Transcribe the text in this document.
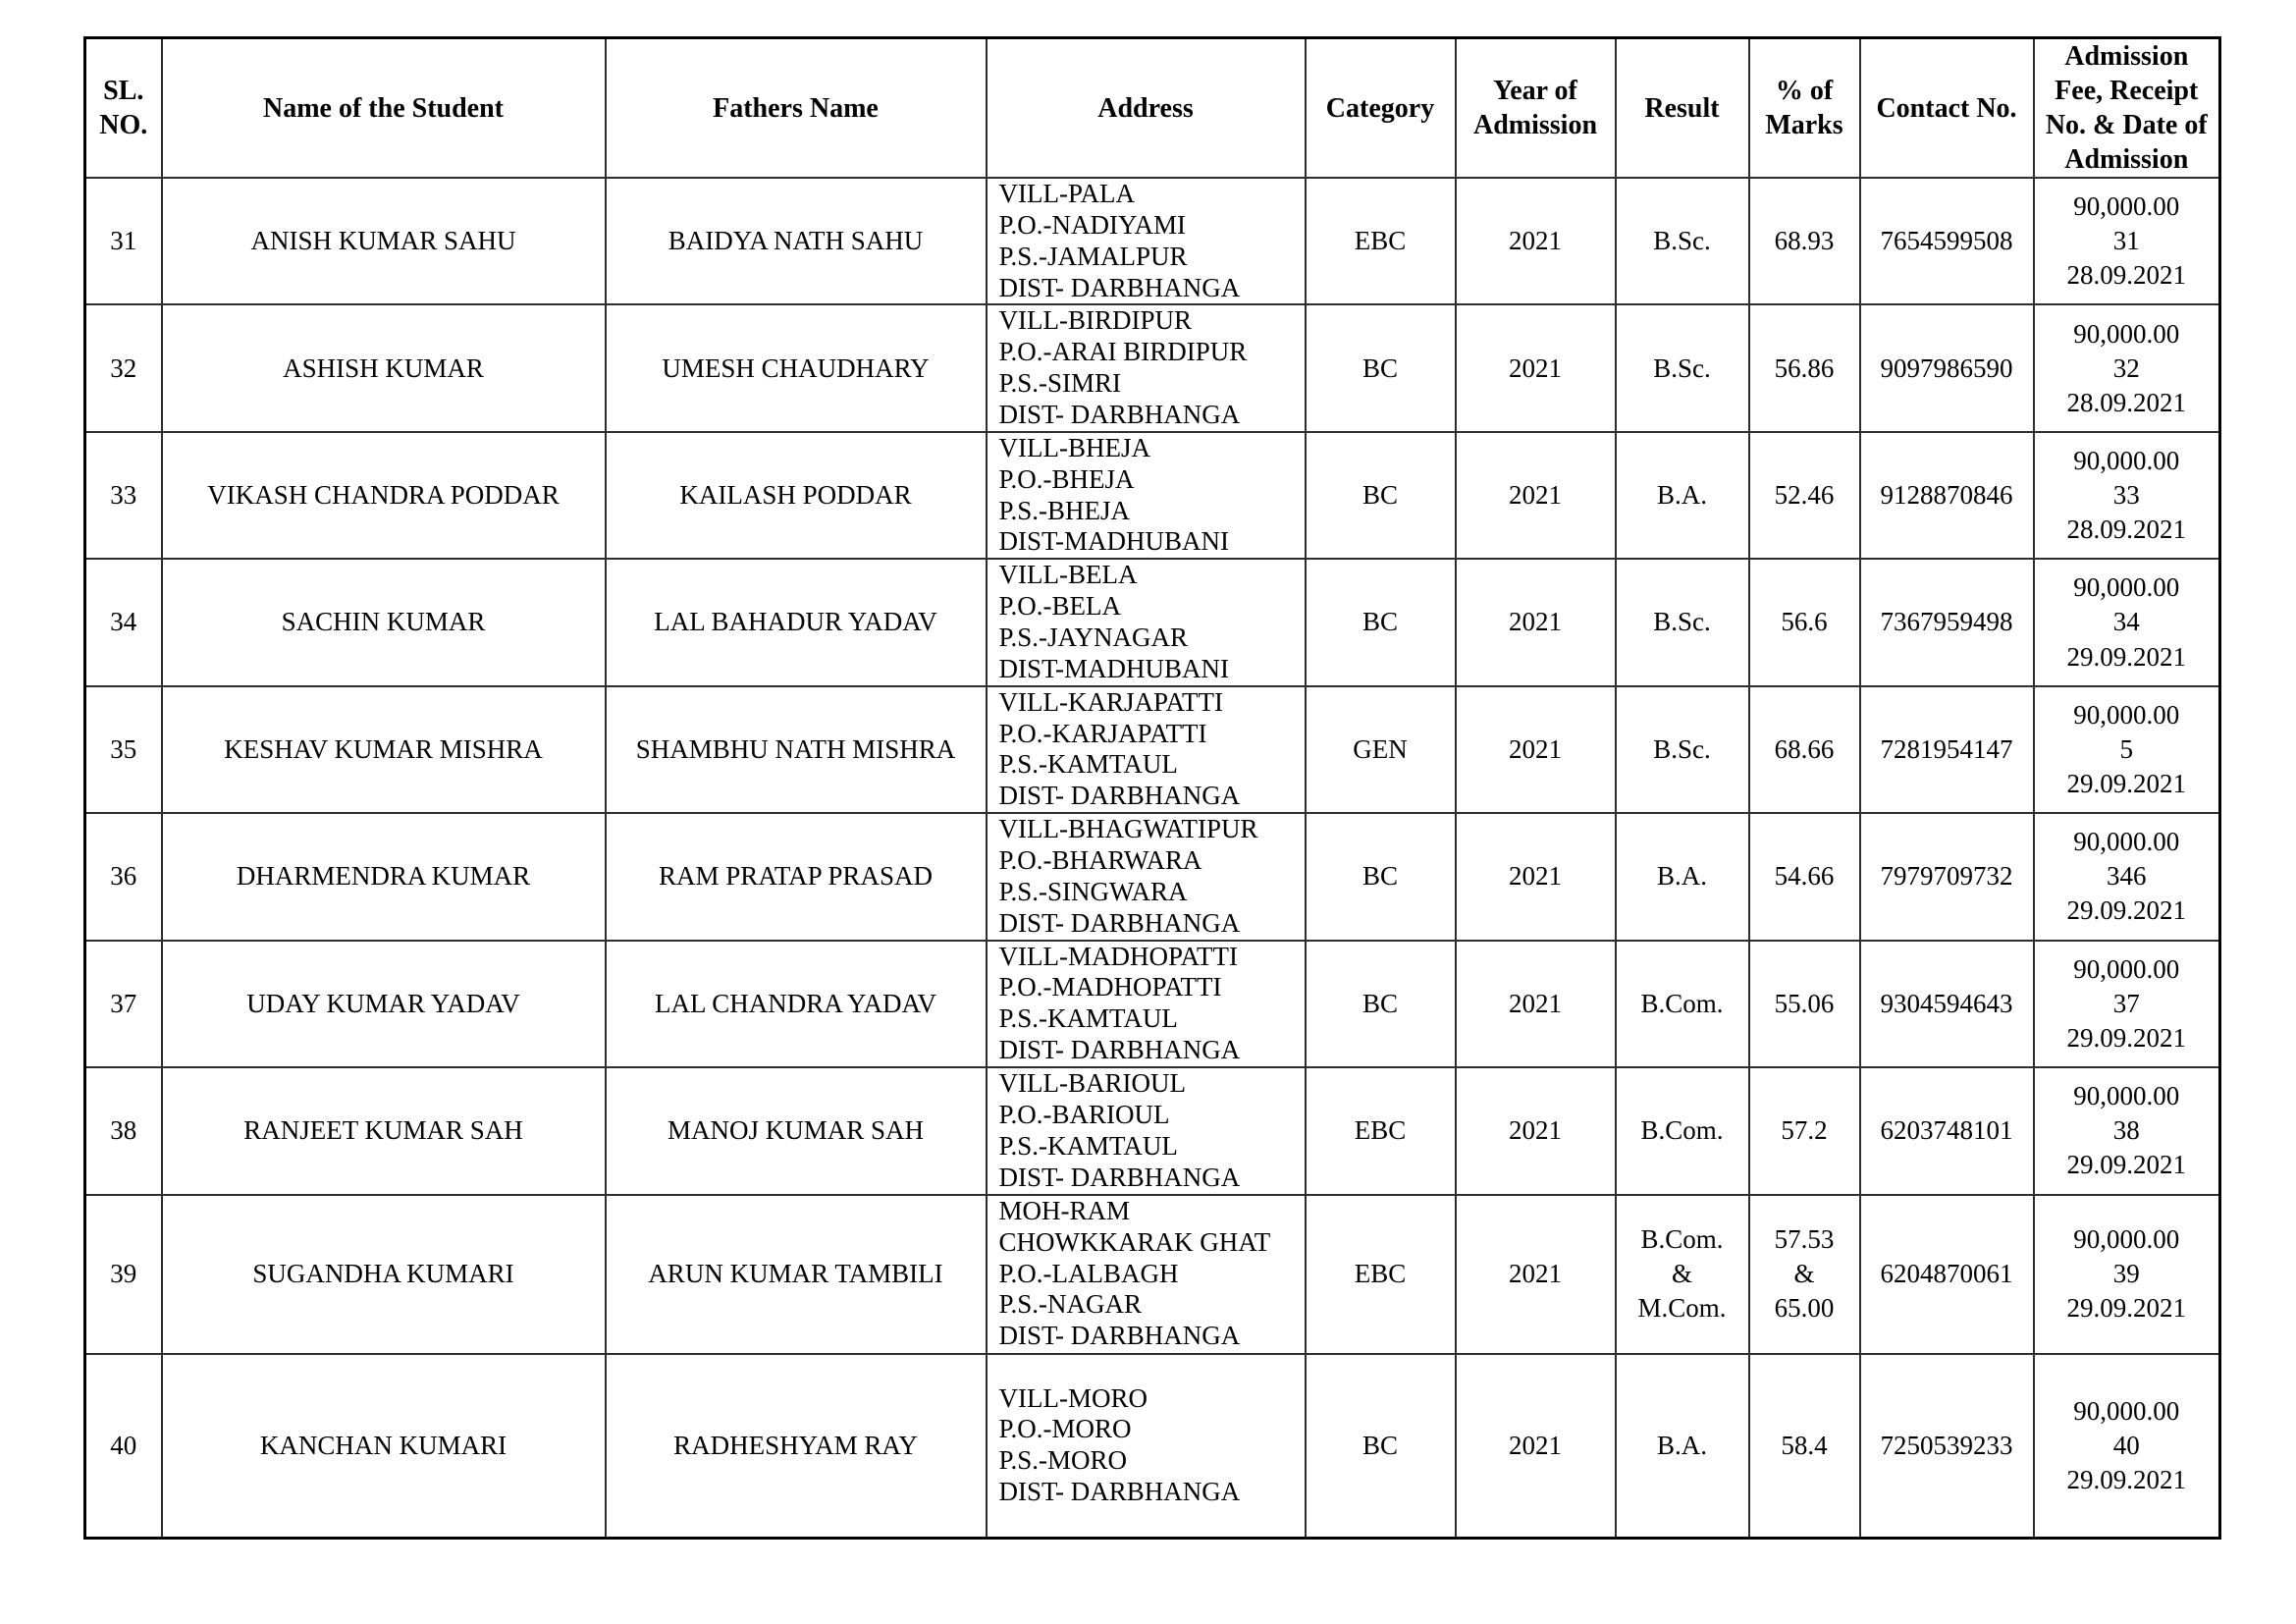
SL. NO.	Name of the Student	Fathers Name	Address	Category	Year of Admission	Result	% of Marks	Contact No.	Admission Fee, Receipt No. & Date of Admission
31	ANISH KUMAR SAHU	BAIDYA NATH SAHU	VILL-PALA
P.O.-NADIYAMI
P.S.-JAMALPUR
DIST- DARBHANGA	EBC	2021	B.Sc.	68.93	7654599508	90,000.00
31
28.09.2021
32	ASHISH KUMAR	UMESH CHAUDHARY	VILL-BIRDIPUR
P.O.-ARAI BIRDIPUR
P.S.-SIMRI
DIST- DARBHANGA	BC	2021	B.Sc.	56.86	9097986590	90,000.00
32
28.09.2021
33	VIKASH CHANDRA PODDAR	KAILASH PODDAR	VILL-BHEJA
P.O.-BHEJA
P.S.-BHEJA
DIST-MADHUBANI	BC	2021	B.A.	52.46	9128870846	90,000.00
33
28.09.2021
34	SACHIN KUMAR	LAL BAHADUR YADAV	VILL-BELA
P.O.-BELA
P.S.-JAYNAGAR
DIST-MADHUBANI	BC	2021	B.Sc.	56.6	7367959498	90,000.00
34
29.09.2021
35	KESHAV KUMAR MISHRA	SHAMBHU NATH MISHRA	VILL-KARJAPATTI
P.O.-KARJAPATTI
P.S.-KAMTAUL
DIST- DARBHANGA	GEN	2021	B.Sc.	68.66	7281954147	90,000.00
5
29.09.2021
36	DHARMENDRA KUMAR	RAM PRATAP PRASAD	VILL-BHAGWATIPUR
P.O.-BHARWARA
P.S.-SINGWARA
DIST- DARBHANGA	BC	2021	B.A.	54.66	7979709732	90,000.00
346
29.09.2021
37	UDAY KUMAR YADAV	LAL CHANDRA YADAV	VILL-MADHOPATTI
P.O.-MADHOPATTI
P.S.-KAMTAUL
DIST- DARBHANGA	BC	2021	B.Com.	55.06	9304594643	90,000.00
37
29.09.2021
38	RANJEET KUMAR SAH	MANOJ KUMAR SAH	VILL-BARIOUL
P.O.-BARIOUL
P.S.-KAMTAUL
DIST- DARBHANGA	EBC	2021	B.Com.	57.2	6203748101	90,000.00
38
29.09.2021
39	SUGANDHA KUMARI	ARUN KUMAR TAMBILI	MOH-RAM
CHOWKKARAK GHAT
P.O.-LALBAGH
P.S.-NAGAR
DIST- DARBHANGA	EBC	2021	B.Com.
&
M.Com.	57.53
&
65.00	6204870061	90,000.00
39
29.09.2021
40	KANCHAN KUMARI	RADHESHYAM RAY	VILL-MORO
P.O.-MORO
P.S.-MORO
DIST- DARBHANGA	BC	2021	B.A.	58.4	7250539233	90,000.00
40
29.09.2021
